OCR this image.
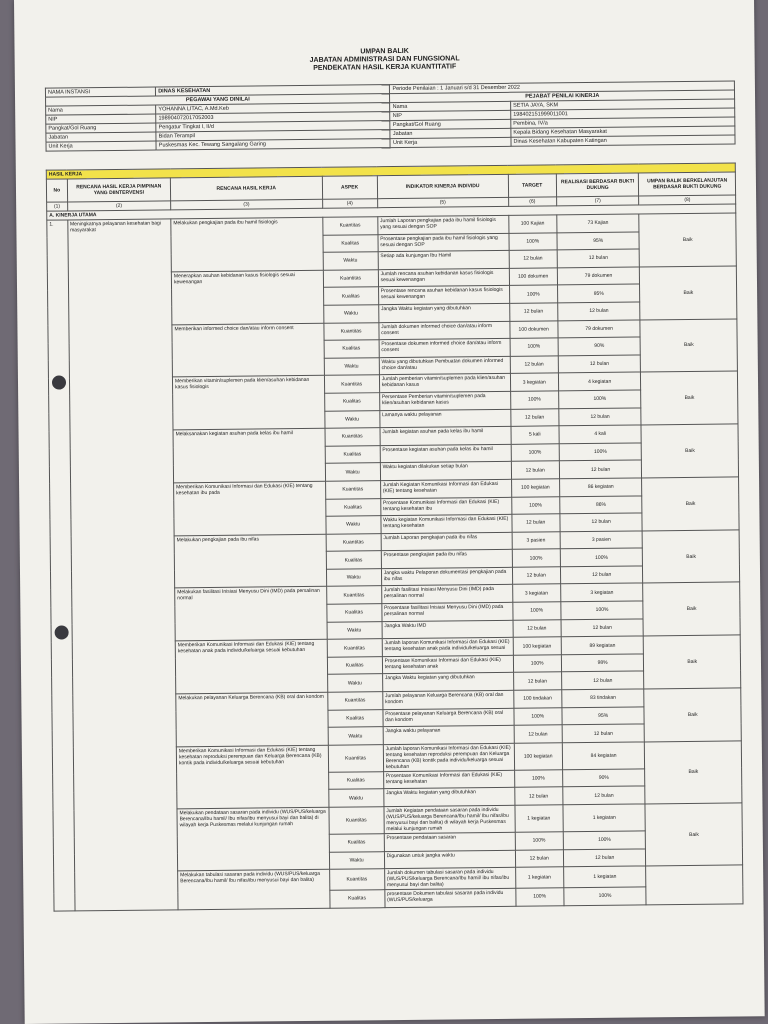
UMPAN BALIK
JABATAN ADMINISTRASI DAN FUNGSIONAL
PENDEKATAN HASIL KERJA KUANTITATIF
NAMA INSTANSI	DINAS KESEHATAN	Periode Penilaian : 1 Januari s/d 31 Desember 2022	
PEGAWAI YANG DINILAI		PEJABAT PENILAI KINERJA	
Nama	YOHANNA LITAC, A.Md.Keb	Nama	SETIA JAYA, SKM
NIP	198904072017052003	NIP	198402151999011001
Pangkat/Gol Ruang	Pengatur Tingkat I, II/d	Pangkat/Gol Ruang	Pembina, IV/a
Jabatan	Bidan Terampil	Jabatan	Kepala Bidang Kesehatan Masyarakat
Unit Kerja	Puskesmas Kec. Tewang Sangalang Garing	Unit Kerja	Dinas Kesehatan Kabupaten Katingan
HASIL KERJA							
No	RENCANA HASIL KERJA PIMPINAN YANG DIINTERVENSI	RENCANA HASIL KERJA	ASPEK	INDIKATOR KINERJA INDIVIDU	TARGET	REALISASI BERDASAR BUKTI DUKUNG	UMPAN BALIK BERKELANJUTAN BERDASAR BUKTI DUKUNG
(1)	(2)	(3)	(4)	(5)	(6)	(7)	(8)
A. KINERJA UTAMA							
1.	Meningkatnya pelayanan kesehatan bagi masyarakat	Melakukan pengkajian pada ibu hamil fisiologis	Kuantitas	Jumlah Laporan pengkajian pada ibu hamil fisiologis yang sesuai dengan SOP	100 Kajian	73 Kajian	Baik
			Kualitas	Prosentase pengkajian pada ibu hamil fisiologis yang sesuai dengan SOP	100%	95%	
			Waktu	Setiap ada kunjungan Ibu Hamil	12 bulan	12 bulan	
		Menerapkan asuhan kebidanan kasus fisiologis sesuai kewenangan	Kuantitas	Jumlah rencana asuhan kebidanan kasus fisiologis sesuai kewenangan	100 dokumen	79 dokumen	Baik
			Kualitas	Prosentase rencana asuhan kebidanan kasus fisiologis sesuai kewenangan	100%	95%	
			Waktu	Jangka Waktu kegiatan yang dibutuhkan	12 bulan	12 bulan	
		Memberikan informed choice dan/atau inform consent	Kuantitas	Jumlah dokumen informed choice dan/atau inform consent	100 dokumen	79 dokumen	Baik
			Kualitas	Prosentase dokumen informed choice dan/atau inform consent	100%	90%	
			Waktu	Waktu yang dibutuhkan Pembuatan dokumen informed choice dan/atau	12 bulan	12 bulan	
		Memberikan vitamin/suplemen pada klien/asuhan kebidanan kasus fisiologis	Kuantitas	Jumlah pemberian vitamin/suplemen pada klien/asuhan kebidanan kasus	3 kegiatan	4 kegiatan	Baik
			Kualitas	Persentase Pemberian vitamin/suplemen pada klien/asuhan kebidanan kasus	100%	100%	
			Waktu	Lamanya waktu pelayanan	12 bulan	12 bulan	
		Melaksanakan kegiatan asuhan pada kelas ibu hamil	Kuantitas	Jumlah kegiatan asuhan pada kelas ibu hamil	5 kali	4 kali	Baik
			Kualitas	Prosentase kegiatan asuhan pada kelas ibu hamil	100%	100%	
			Waktu	Waktu kegiatan dilakukan setiap bulan	12 bulan	12 bulan	
		Memberikan Komunikasi Informasi dan Edukasi (KIE) tentang kesehatan ibu pada	Kuantitas	Jumlah Kegiatan Komunikasi Informasi dan Edukasi (KIE) tentang kesehatan	100 kegiatan	86 kegiatan	Baik
			Kualitas	Prosentase Komunikasi Informasi dan Edukasi (KIE) tentang kesehatan ibu	100%	86%	
			Waktu	Waktu kegiatan Komunikasi Informasi dan Edukasi (KIE) tentang kesehatan	12 bulan	12 bulan	
		Melakukan pengkajian pada ibu nifas	Kuantitas	Jumlah Laporan pengkajian pada ibu nifas	3 pasien	3 pasien	Baik
			Kualitas	Prosentase pengkajian pada ibu nifas	100%	100%	
			Waktu	Jangka waktu Pelaporan dokumentasi pengkajian pada ibu nifas	12 bulan	12 bulan	
		Melakukan fasilitasi Inisiasi Menyusu Dini (IMD) pada persalinan normal	Kuantitas	Jumlah fasilitasi Inisiasi Menyusu Dini (IMD) pada persalinan normal	3 kegiatan	3 kegiatan	Baik
			Kualitas	Prosentase fasilitasi Inisiasi Menyusu Dini (IMD) pada persalinan normal	100%	100%	
			Waktu	Jangka Waktu IMD	12 bulan	12 bulan	
		Memberikan Komunikasi Informasi dan Edukasi (KIE) tentang kesehatan anak pada individu/keluarga sesuai kebutuhan	Kuantitas	Jumlah laporan Komunikasi Informasi dan Edukasi (KIE) tentang kesehatan anak pada individu/keluarga sesuai	100 kegiatan	89 kegiatan	Baik
			Kualitas	Prosentase Komunikasi Informasi dan Edukasi (KIE) tentang kesehatan anak	100%	98%	
			Waktu	Jangka Waktu kegiatan yang dibutuhkan	12 bulan	12 bulan	
		Melakukan pelayanan Keluarga Berencana (KB) oral dan kondom	Kuantitas	Jumlah pelayanan Keluarga Berencana (KB) oral dan kondom	100 tindakan	83 tindakan	Baik
			Kualitas	Prosentase pelayanan Keluarga Berencana (KB) oral dan kondom	100%	95%	
			Waktu	Jangka waktu pelayanan	12 bulan	12 bulan	
		Memberikan Komunikasi Informasi dan Edukasi (KIE) tentang kesehatan reproduksi perempuan dan Keluarga Berencana (KB) kontik pada individu/keluarga sesuai kebutuhan	Kuantitas	Jumlah laporan Komunikasi Informasi dan Edukasi (KIE) tentang kesehatan reproduksi perempuan dan Keluarga Berencana (KB) kontik pada individu/keluarga sesuai kebutuhan	100 kegiatan	84 kegiatan	Baik
			Kualitas	Prosentase Komunikasi Informasi dan Edukasi (KIE) tentang kesehatan	100%	90%	
			Waktu	Jangka Waktu kegiatan yang dibutuhkan	12 bulan	12 bulan	
		Melakukan pendataan sasaran pada individu (WUS/PUS/keluarga Berencana/Ibu hamil/ Ibu nifas/ibu menyusui bayi dan balita) di wilayah kerja Puskesmas melalui kunjungan rumah	Kuantitas	Jumlah Kegiatan pendataan sasaran pada individu (WUS/PUS/keluarga Berencana/Ibu hamil/ Ibu nifas/ibu menyusui bayi dan balita) di wilayah kerja Puskesmas melalui kunjungan rumah	1 kegiatan	1 kegiatan	Baik
			Kualitas	Prosentase pendataan sasaran	100%	100%	
			Waktu	Digunakan untuk jangka waktu	12 bulan	12 bulan	
		Melakukan tabulasi sasaran pada individu (WUS/PUS/keluarga Berencana/Ibu hamil/ Ibu nifas/ibu menyusui bayi dan balita)	Kuantitas	Jumlah dokumen tabulasi sasaran pada individu (WUS/PUS/keluarga Berencana/Ibu hamil/ ibu nifas/ibu menyusui bayi dan balita)	1 kegiatan	1 kegiatan	
			Kualitas	prosentase Dokumen tabulasi sasaran pada individu (WUS/PUS/keluarga	100%	100%	
